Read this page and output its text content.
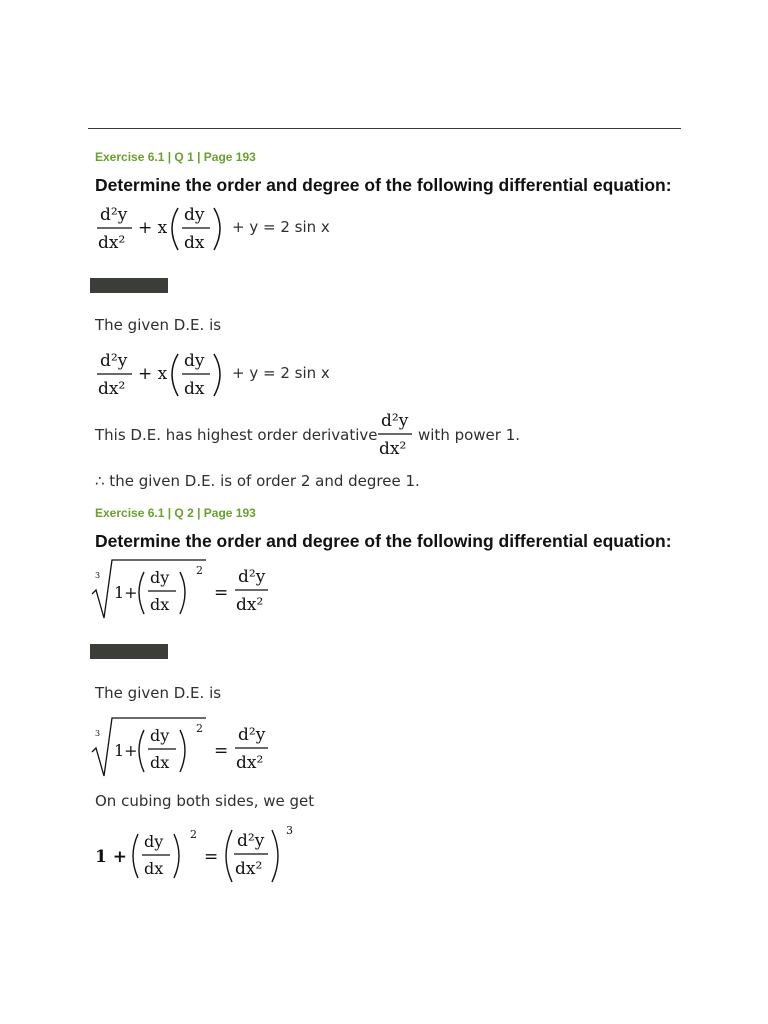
Exercise 6.1 | Q 1 | Page 193
Determine the order and degree of the following differential equation:
d²y
dx²
+ x
dy
dx
+ y = 2 sin x
The given D.E. is
d²y
dx²
+ x
dy
dx
+ y = 2 sin x
This D.E. has highest order derivative
d²y
dx²
with power 1.
∴ the given D.E. is of order 2 and degree 1.
Exercise 6.1 | Q 2 | Page 193
Determine the order and degree of the following differential equation:
3
1+
dy
dx
2
=
d²y
dx²
The given D.E. is
3
1+
dy
dx
2
=
d²y
dx²
On cubing both sides, we get
1 +
dy
dx
2
=
d²y
dx²
3
